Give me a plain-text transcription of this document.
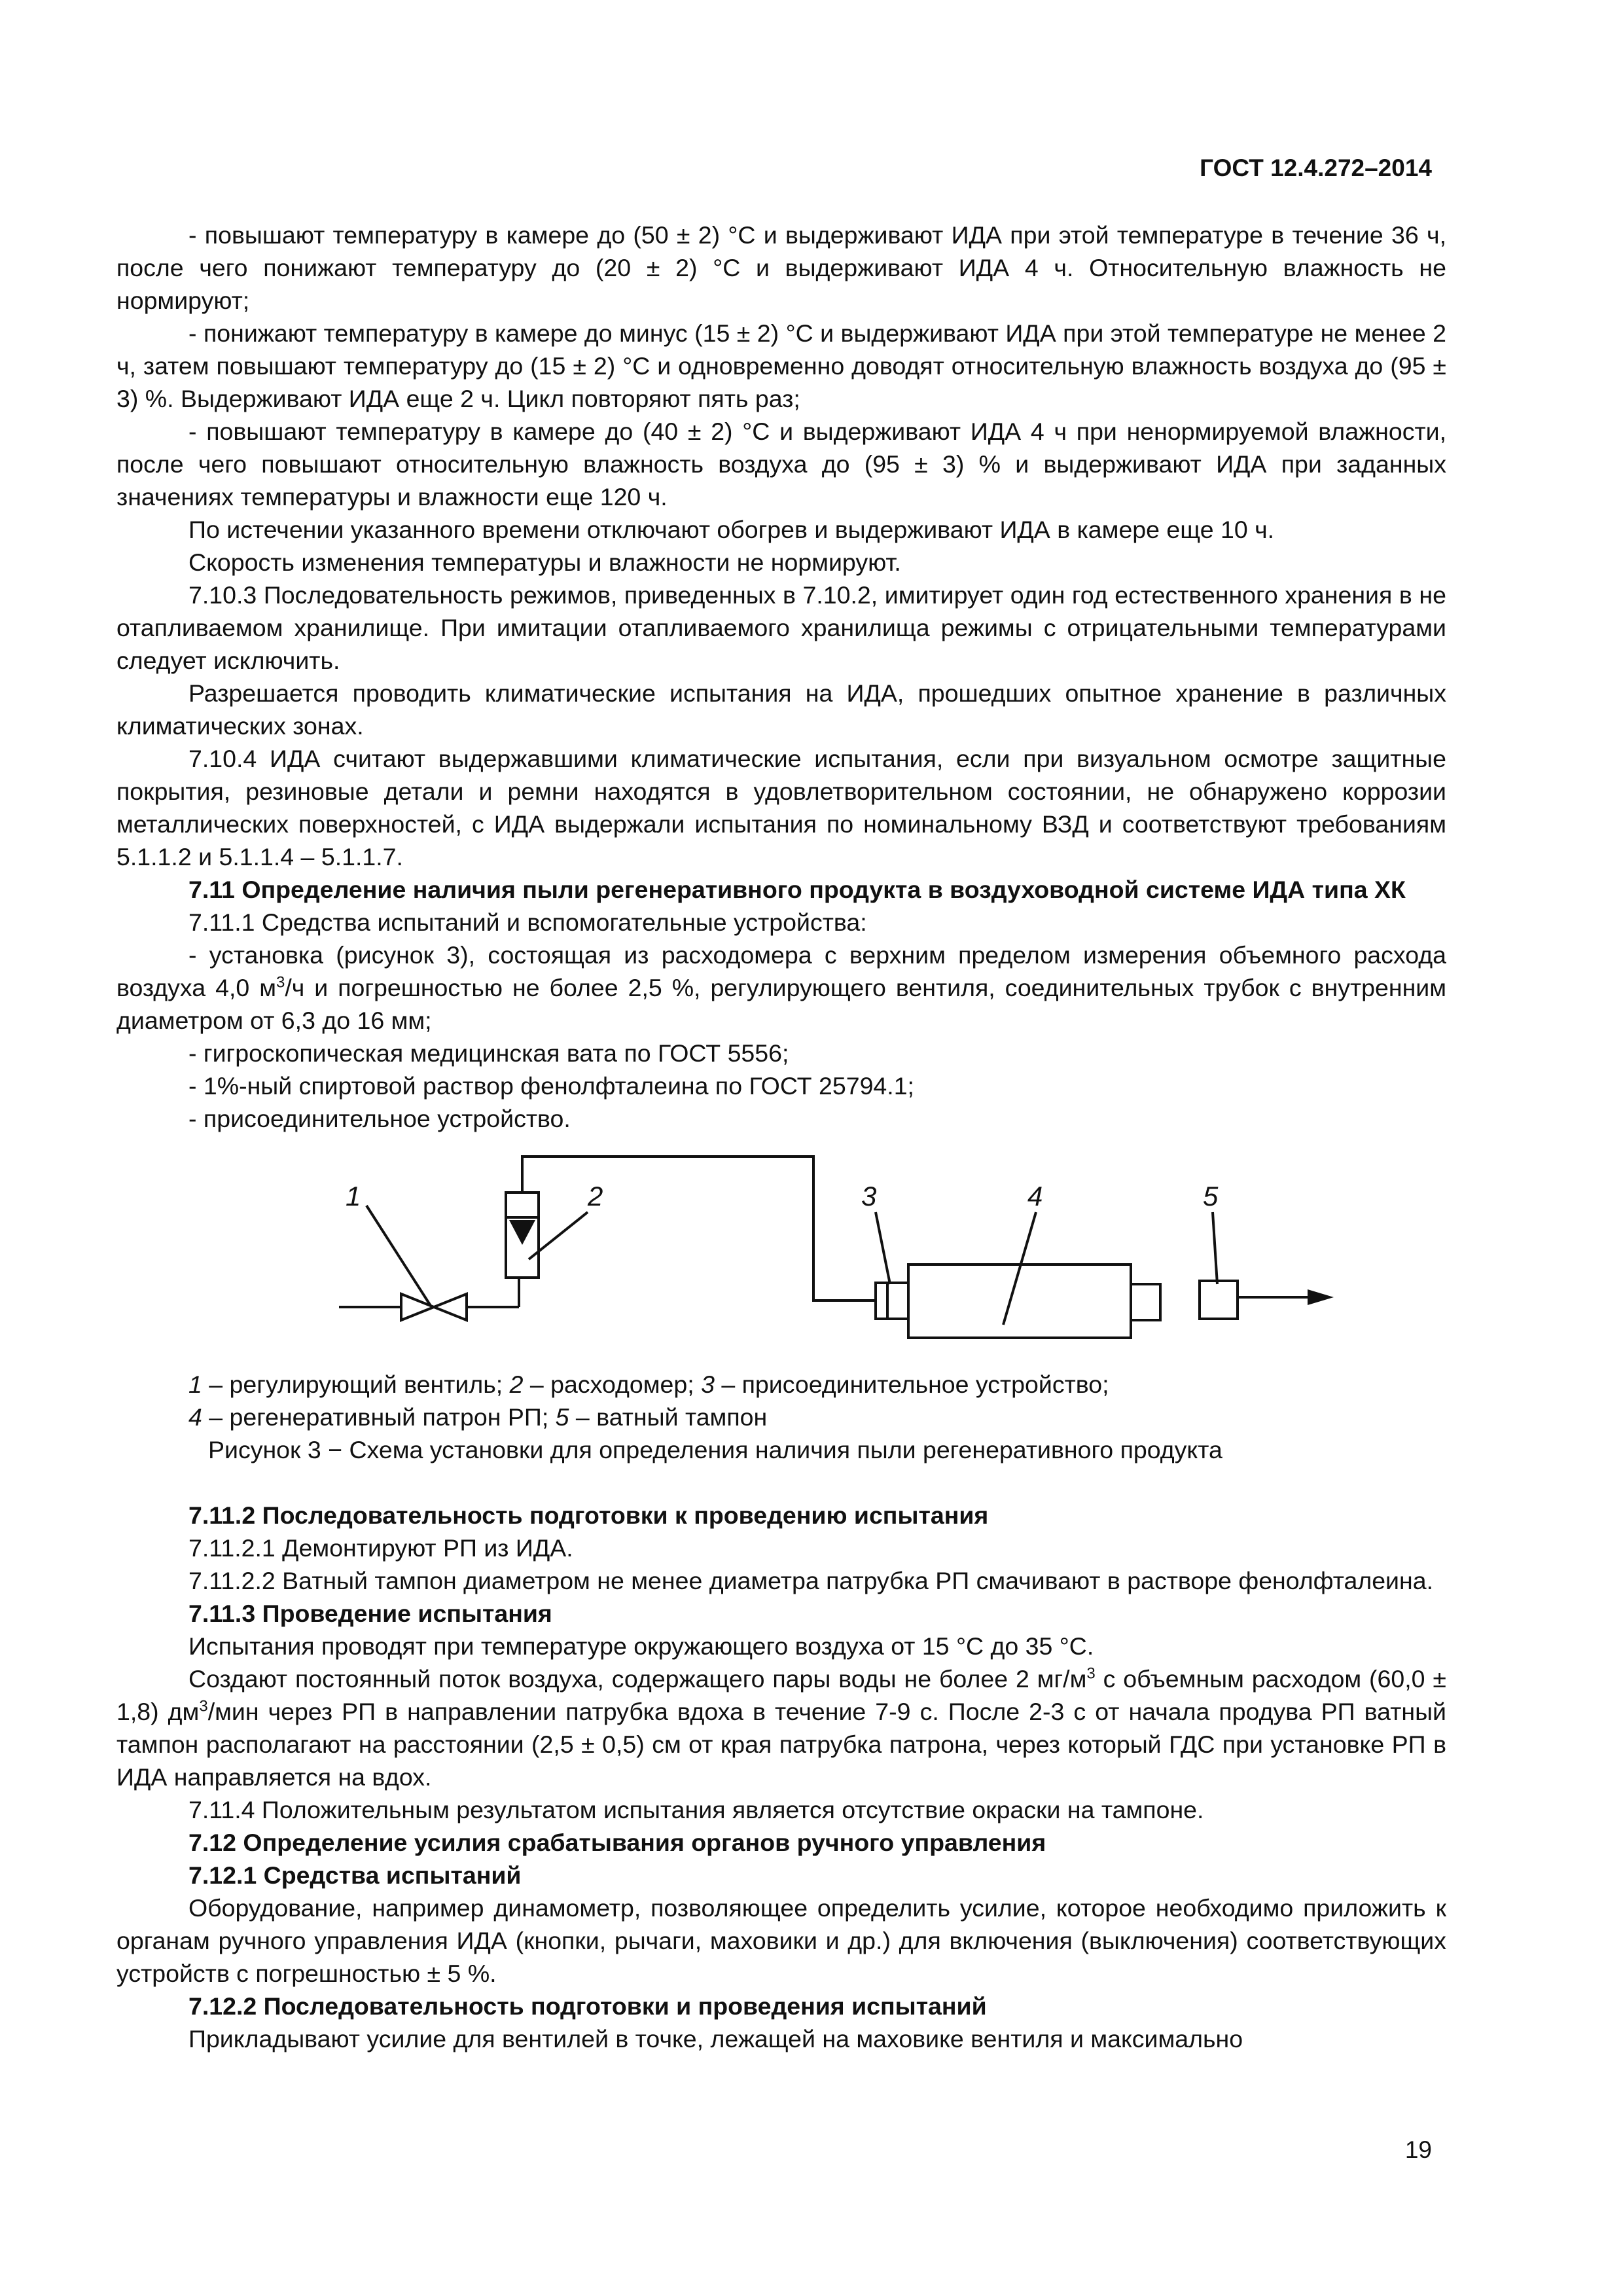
ГОСТ 12.4.272–2014

- повышают температуру в камере до (50 ± 2) °С и выдерживают ИДА при этой температуре в течение 36 ч, после чего понижают температуру до (20 ± 2) °С и выдерживают ИДА 4 ч. Относительную влажность не нормируют;

- понижают температуру в камере до минус (15 ± 2) °С и выдерживают ИДА при этой температуре не менее 2 ч, затем повышают температуру до (15 ± 2) °С и одновременно доводят относительную влажность воздуха до (95 ± 3) %. Выдерживают ИДА еще 2 ч. Цикл повторяют пять раз;

- повышают температуру в камере до (40 ± 2) °С и выдерживают ИДА 4 ч при ненормируемой влажности, после чего повышают относительную влажность воздуха до (95 ± 3) % и выдерживают ИДА при заданных значениях температуры и влажности еще 120 ч.

По истечении указанного времени отключают обогрев и выдерживают ИДА в камере еще 10 ч.

Скорость изменения температуры и влажности не нормируют.

7.10.3 Последовательность режимов, приведенных в 7.10.2, имитирует один год естественного хранения в не отапливаемом хранилище. При имитации отапливаемого хранилища режимы с отрицательными температурами следует исключить.

Разрешается проводить климатические испытания на ИДА, прошедших опытное хранение в различных климатических зонах.

7.10.4 ИДА считают выдержавшими климатические испытания, если при визуальном осмотре защитные покрытия, резиновые детали и ремни находятся в удовлетворительном состоянии, не обнаружено коррозии металлических поверхностей, с ИДА выдержали испытания по номинальному ВЗД и соответствуют требованиям 5.1.1.2 и 5.1.1.4 – 5.1.1.7.

7.11 Определение наличия пыли регенеративного продукта в воздуховодной системе ИДА типа ХК

7.11.1 Средства испытаний и вспомогательные устройства:

- установка (рисунок 3), состоящая из расходомера с верхним пределом измерения объемного расхода воздуха 4,0 $м^3/ч$ и погрешностью не более 2,5 %, регулирующего вентиля, соединительных трубок с внутренним диаметром от 6,3 до 16 мм;

- гигроскопическая медицинская вата по ГОСТ 5556;

- 1%-ный спиртовой раствор фенолфталеина по ГОСТ 25794.1;

- присоединительное устройство.

1	2	3	4	5

1 – регулирующий вентиль; 2 – расходомер; 3 – присоединительное устройство;

4 – регенеративный патрон РП; 5 – ватный тампон

Рисунок 3 − Схема установки для определения наличия пыли регенеративного продукта

7.11.2 Последовательность подготовки к проведению испытания

7.11.2.1 Демонтируют РП из ИДА.

7.11.2.2 Ватный тампон диаметром не менее диаметра патрубка РП смачивают в растворе фенолфталеина.

7.11.3 Проведение испытания

Испытания проводят при температуре окружающего воздуха от 15 °С до 35 °С.

Создают постоянный поток воздуха, содержащего пары воды не более 2 $мг/м^3$ с объемным расходом (60,0 ± 1,8) $дм^3$/мин через РП в направлении патрубка вдоха в течение 7-9 с. После 2-3 с от начала продува РП ватный тампон располагают на расстоянии (2,5 ± 0,5) см от края патрубка патрона, через который ГДС при установке РП в ИДА направляется на вдох.

7.11.4 Положительным результатом испытания является отсутствие окраски на тампоне.

7.12 Определение усилия срабатывания органов ручного управления

7.12.1 Средства испытаний

Оборудование, например динамометр, позволяющее определить усилие, которое необходимо приложить к органам ручного управления ИДА (кнопки, рычаги, маховики и др.) для включения (выключения) соответствующих устройств с погрешностью ± 5 %.

7.12.2 Последовательность подготовки и проведения испытаний

Прикладывают усилие для вентилей в точке, лежащей на маховике вентиля и максимально

19
